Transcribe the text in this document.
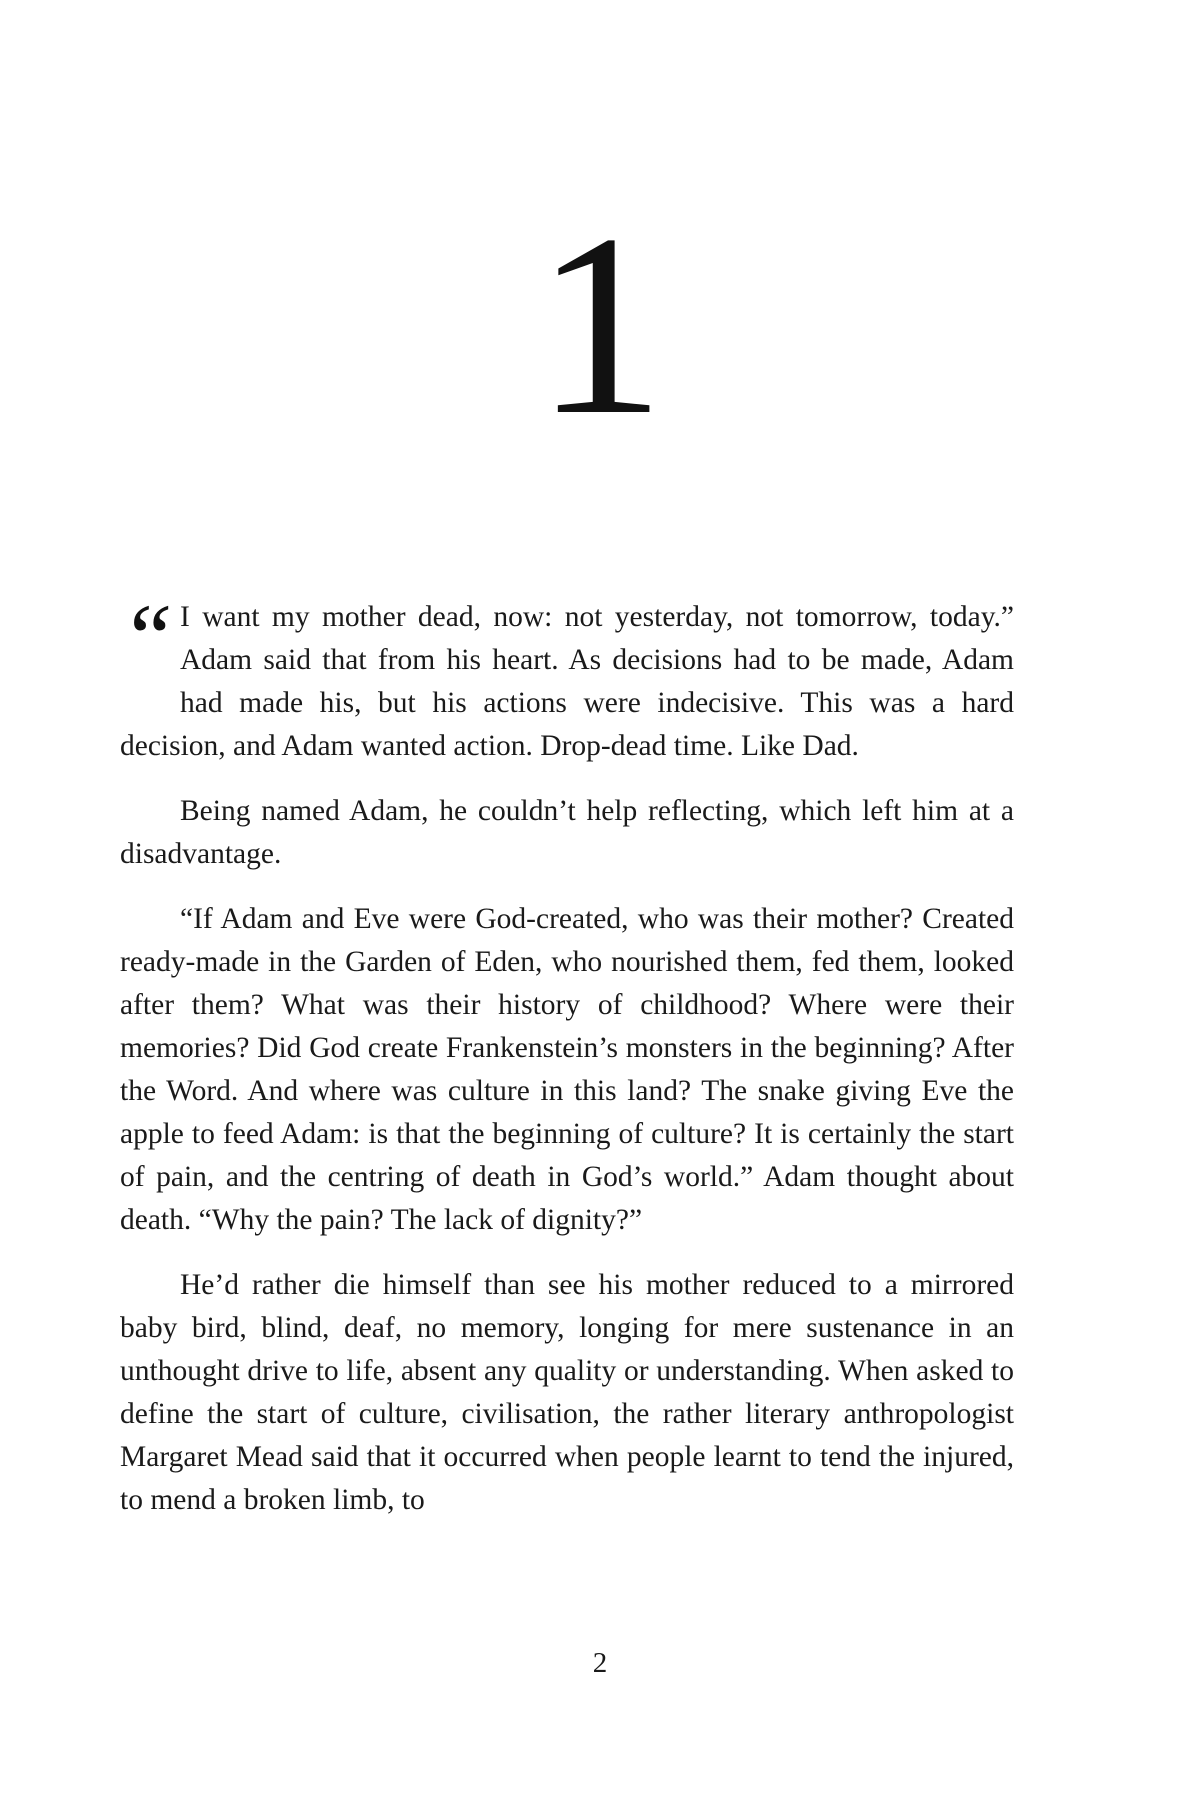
1

“ I want my mother dead, now: not yesterday, not tomorrow, today.” Adam said that from his heart. As decisions had to be made, Adam had made his, but his actions were indecisive. This was a hard decision, and Adam wanted action. Drop-dead time. Like Dad.

Being named Adam, he couldn’t help reflecting, which left him at a disadvantage.

“If Adam and Eve were God-created, who was their mother? Created ready-made in the Garden of Eden, who nourished them, fed them, looked after them? What was their history of childhood? Where were their memories? Did God create Frankenstein’s monsters in the beginning? After the Word. And where was culture in this land? The snake giving Eve the apple to feed Adam: is that the beginning of culture? It is certainly the start of pain, and the centring of death in God’s world.” Adam thought about death. “Why the pain? The lack of dignity?”

He’d rather die himself than see his mother reduced to a mirrored baby bird, blind, deaf, no memory, longing for mere sustenance in an unthought drive to life, absent any quality or understanding. When asked to define the start of culture, civilisation, the rather literary anthropologist Margaret Mead said that it occurred when people learnt to tend the injured, to mend a broken limb, to

2
